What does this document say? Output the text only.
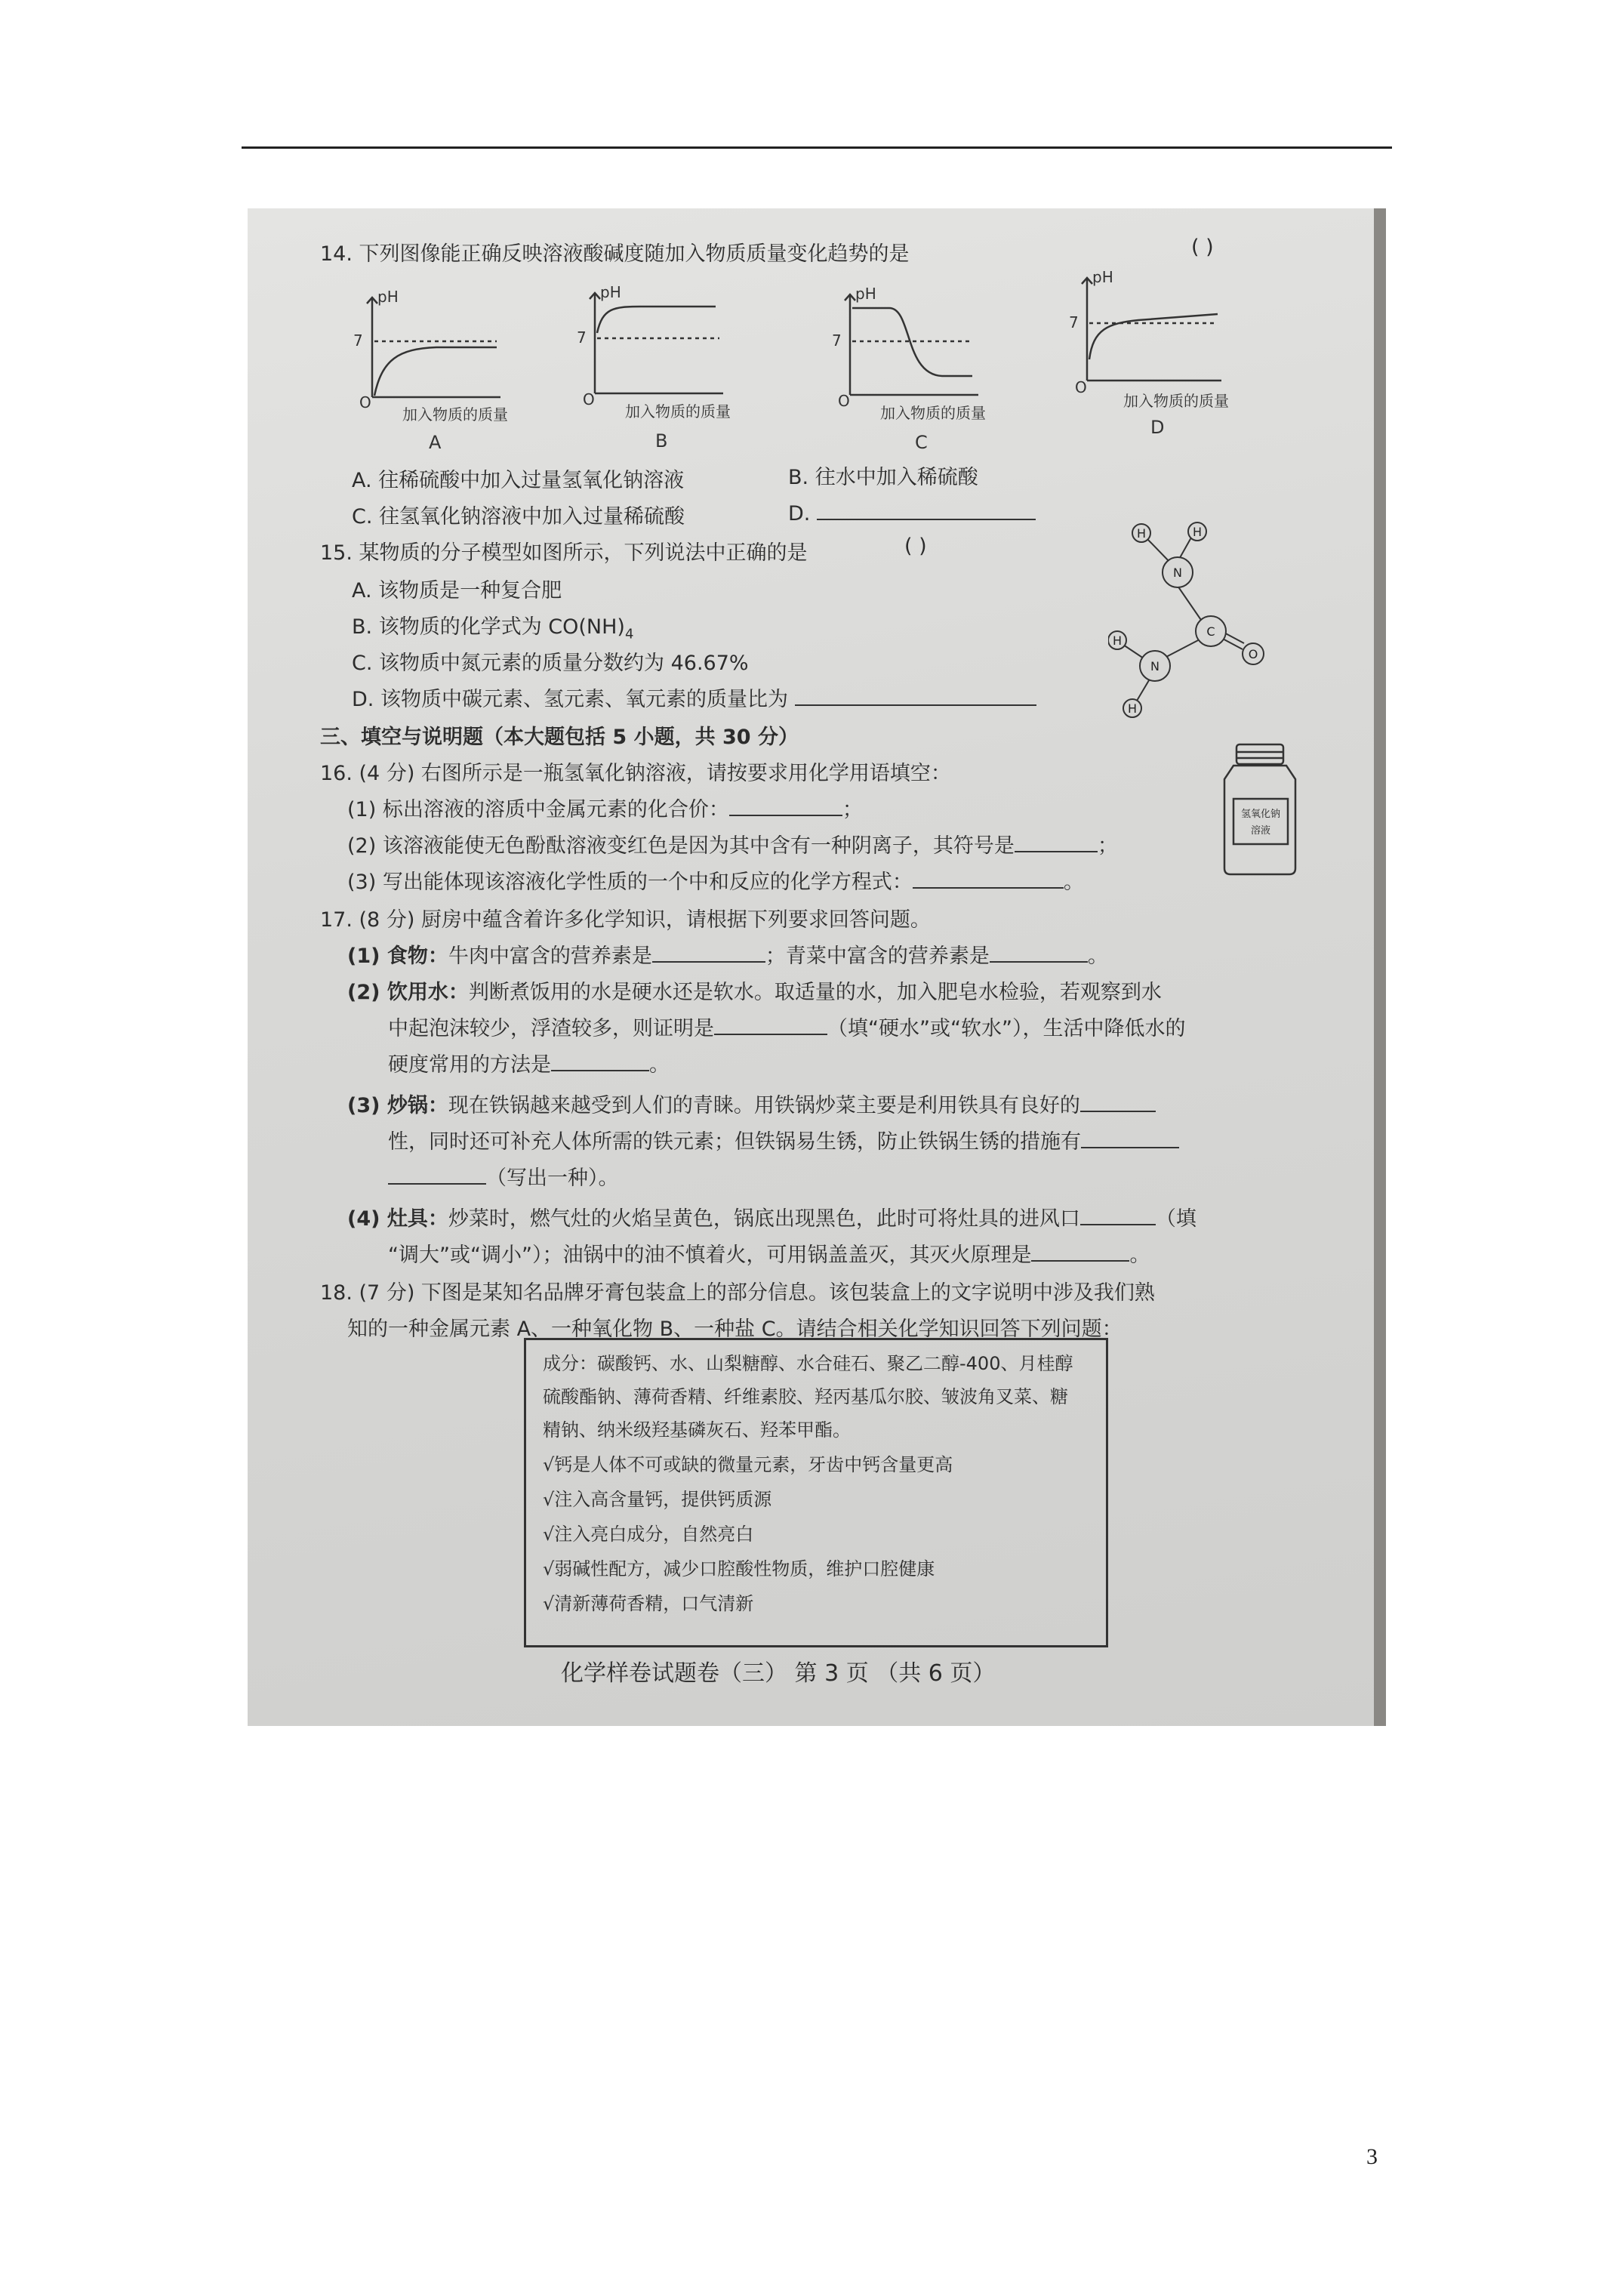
14. 下列图像能正确反映溶液酸碱度随加入物质质量变化趋势的是	( )
pH
7
O
加入物质的质量
A
pH
7
O
加入物质的质量
B
pH
7
O
加入物质的质量
C
pH
7
O
加入物质的质量
D
A. 往稀硫酸中加入过量氢氧化钠溶液	B. 往水中加入稀硫酸
C. 往氢氧化钠溶液中加入过量稀硫酸	D.
15. 某物质的分子模型如图所示，下列说法中正确的是	( )
A. 该物质是一种复合肥
B. 该物质的化学式为 $CO(NH)_4$
C. 该物质中氮元素的质量分数约为 46.67%
D. 该物质中碳元素、氢元素、氧元素的质量比为
H	H
N
C
O
N
H
H
三、填空与说明题（本大题包括 5 小题，共 30 分）
16. (4 分) 右图所示是一瓶氢氧化钠溶液，请按要求用化学用语填空：
(1) 标出溶液的溶质中金属元素的化合价：	；
(2) 该溶液能使无色酚酞溶液变红色是因为其中含有一种阴离子，其符号是	；
(3) 写出能体现该溶液化学性质的一个中和反应的化学方程式：	。
氢氧化钠
溶液
17. (8 分) 厨房中蕴含着许多化学知识，请根据下列要求回答问题。
(1) 食物：牛肉中富含的营养素是	；青菜中富含的营养素是	。
(2) 饮用水：判断煮饭用的水是硬水还是软水。取适量的水，加入肥皂水检验，若观察到水
中起泡沫较少，浮渣较多，则证明是	（填“硬水”或“软水”），生活中降低水的
硬度常用的方法是	。
(3) 炒锅：现在铁锅越来越受到人们的青睐。用铁锅炒菜主要是利用铁具有良好的
性，同时还可补充人体所需的铁元素；但铁锅易生锈，防止铁锅生锈的措施有
（写出一种）。
(4) 灶具：炒菜时，燃气灶的火焰呈黄色，锅底出现黑色，此时可将灶具的进风口	（填
“调大”或“调小”）；油锅中的油不慎着火，可用锅盖盖灭，其灭火原理是	。
18. (7 分) 下图是某知名品牌牙膏包装盒上的部分信息。该包装盒上的文字说明中涉及我们熟
知的一种金属元素 A、一种氧化物 B、一种盐 C。请结合相关化学知识回答下列问题：
成分：碳酸钙、水、山梨糖醇、水合硅石、聚乙二醇-400、月桂醇
硫酸酯钠、薄荷香精、纤维素胶、羟丙基瓜尔胶、皱波角叉菜、糖
精钠、纳米级羟基磷灰石、羟苯甲酯。
√钙是人体不可或缺的微量元素，牙齿中钙含量更高
√注入高含量钙，提供钙质源
√注入亮白成分，自然亮白
√弱碱性配方，减少口腔酸性物质，维护口腔健康
√清新薄荷香精，口气清新
化学样卷试题卷（三） 第 3 页 （共 6 页）
3
